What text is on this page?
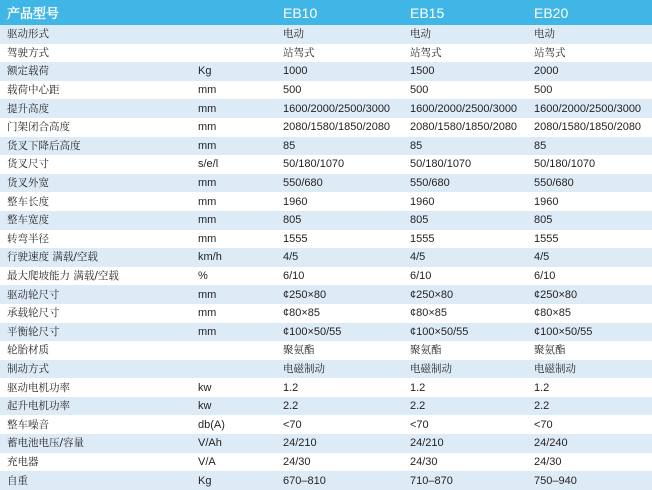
产品型号		EB10	EB15	EB20
驱动形式		电动	电动	电动
驾驶方式		站驾式	站驾式	站驾式
额定载荷	Kg	1000	1500	2000
载荷中心距	mm	500	500	500
提升高度	mm	1600/2000/2500/3000	1600/2000/2500/3000	1600/2000/2500/3000
门架闭合高度	mm	2080/1580/1850/2080	2080/1580/1850/2080	2080/1580/1850/2080
货叉下降后高度	mm	85	85	85
货叉尺寸	s/e/l	50/180/1070	50/180/1070	50/180/1070
货叉外宽	mm	550/680	550/680	550/680
整车长度	mm	1960	1960	1960
整车宽度	mm	805	805	805
转弯半径	mm	1555	1555	1555
行驶速度 满载/空载	km/h	4/5	4/5	4/5
最大爬坡能力 满载/空载	%	6/10	6/10	6/10
驱动轮尺寸	mm	¢250×80	¢250×80	¢250×80
承载轮尺寸	mm	¢80×85	¢80×85	¢80×85
平衡轮尺寸	mm	¢100×50/55	¢100×50/55	¢100×50/55
轮胎材质		聚氨酯	聚氨酯	聚氨酯
制动方式		电磁制动	电磁制动	电磁制动
驱动电机功率	kw	1.2	1.2	1.2
起升电机功率	kw	2.2	2.2	2.2
整车噪音	db(A)	<70	<70	<70
蓄电池电压/容量	V/Ah	24/210	24/210	24/240
充电器	V/A	24/30	24/30	24/30
自重	Kg	670–810	710–870	750–940
